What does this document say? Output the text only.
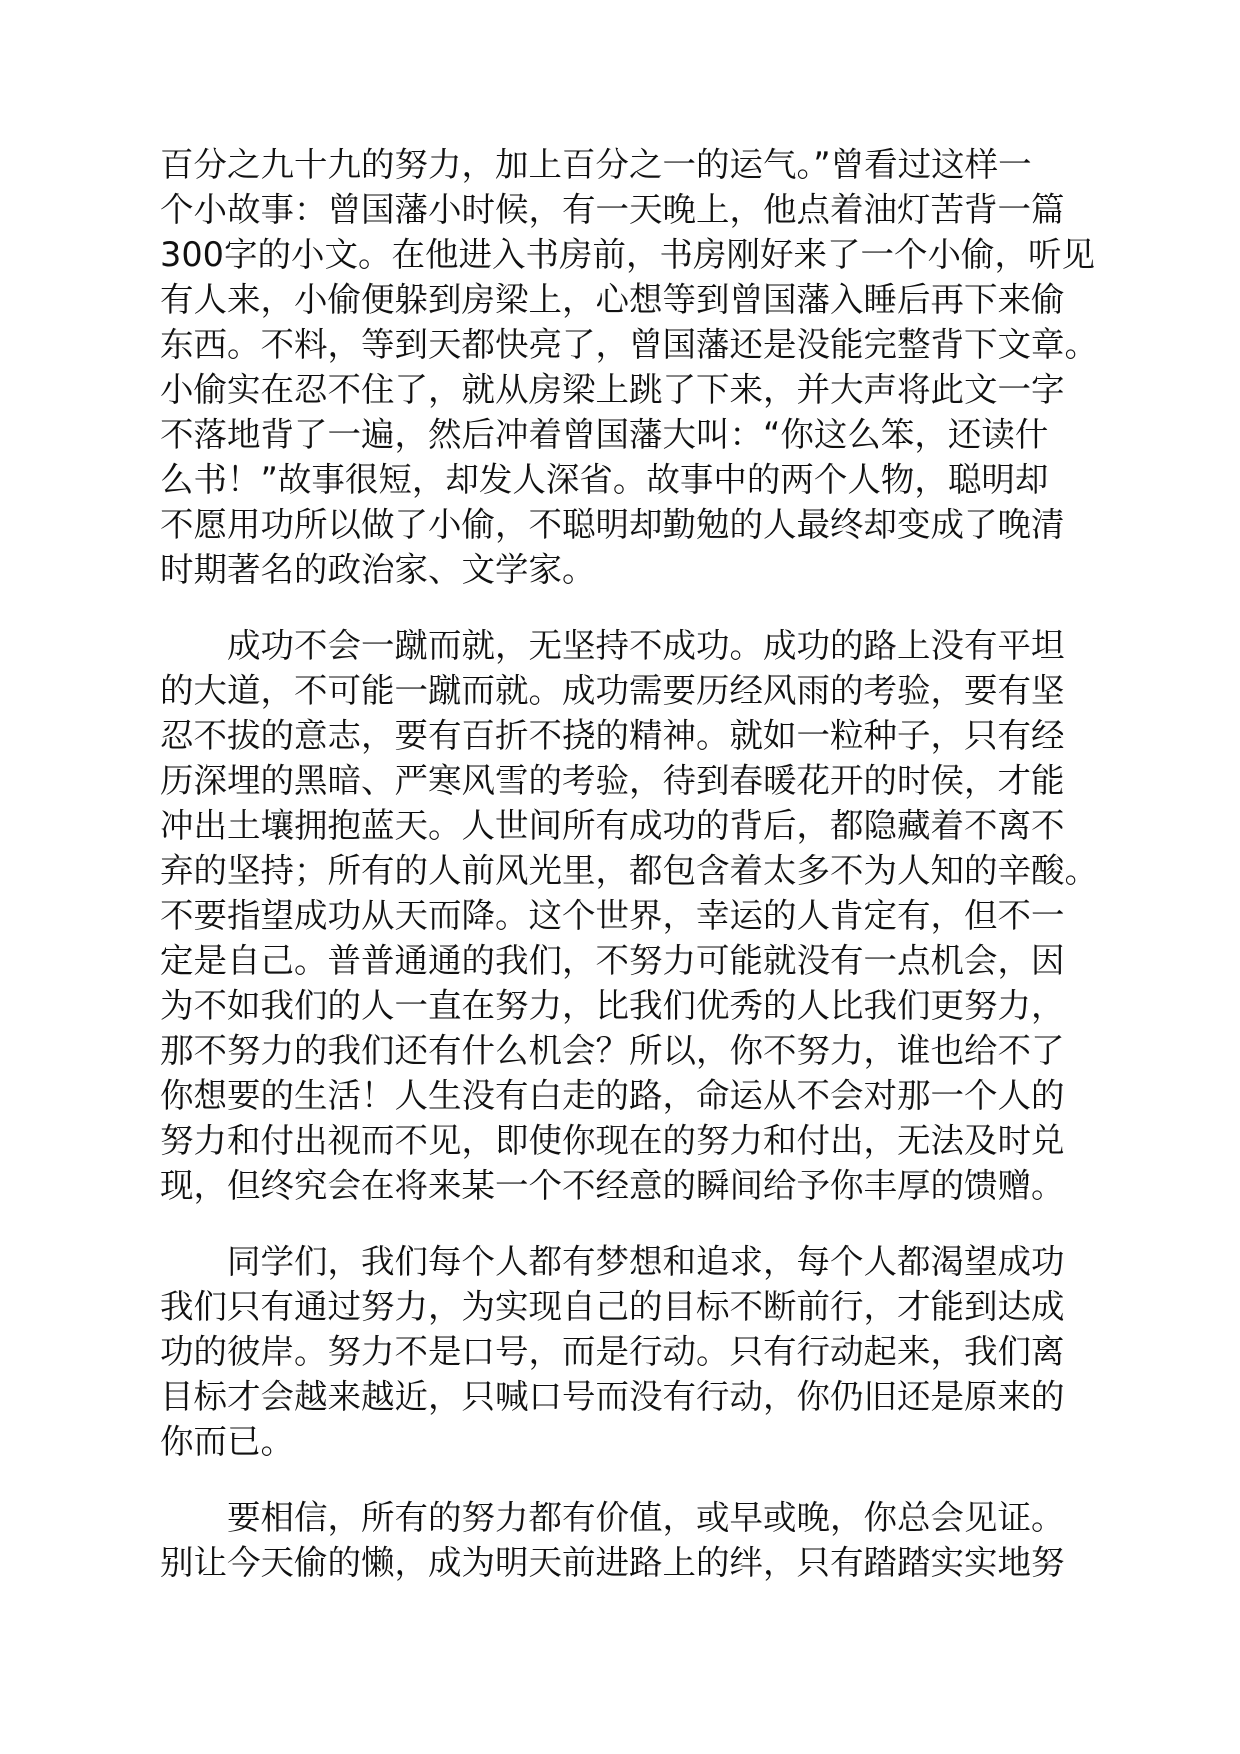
百分之九十九的努力，加上百分之一的运气。”曾看过这样一
个小故事：曾国藩小时候，有一天晚上，他点着油灯苦背一篇
300字的小文。在他进入书房前，书房刚好来了一个小偷，听见
有人来，小偷便躲到房梁上，心想等到曾国藩入睡后再下来偷
东西。不料，等到天都快亮了，曾国藩还是没能完整背下文章。
小偷实在忍不住了，就从房梁上跳了下来，并大声将此文一字
不落地背了一遍，然后冲着曾国藩大叫：“你这么笨，还读什
么书！”故事很短，却发人深省。故事中的两个人物，聪明却
不愿用功所以做了小偷，不聪明却勤勉的人最终却变成了晚清
时期著名的政治家、文学家。
成功不会一蹴而就，无坚持不成功。成功的路上没有平坦
的大道，不可能一蹴而就。成功需要历经风雨的考验，要有坚
忍不拔的意志，要有百折不挠的精神。就如一粒种子，只有经
历深埋的黑暗、严寒风雪的考验，待到春暖花开的时侯，才能
冲出土壤拥抱蓝天。人世间所有成功的背后，都隐藏着不离不
弃的坚持；所有的人前风光里，都包含着太多不为人知的辛酸。
不要指望成功从天而降。这个世界，幸运的人肯定有，但不一
定是自己。普普通通的我们，不努力可能就没有一点机会，因
为不如我们的人一直在努力，比我们优秀的人比我们更努力，
那不努力的我们还有什么机会？所以，你不努力，谁也给不了
你想要的生活！人生没有白走的路，命运从不会对那一个人的
努力和付出视而不见，即使你现在的努力和付出，无法及时兑
现，但终究会在将来某一个不经意的瞬间给予你丰厚的馈赠。
同学们，我们每个人都有梦想和追求，每个人都渴望成功
我们只有通过努力，为实现自己的目标不断前行，才能到达成
功的彼岸。努力不是口号，而是行动。只有行动起来，我们离
目标才会越来越近，只喊口号而没有行动，你仍旧还是原来的
你而已。
要相信，所有的努力都有价值，或早或晚，你总会见证。
别让今天偷的懒，成为明天前进路上的绊，只有踏踏实实地努
